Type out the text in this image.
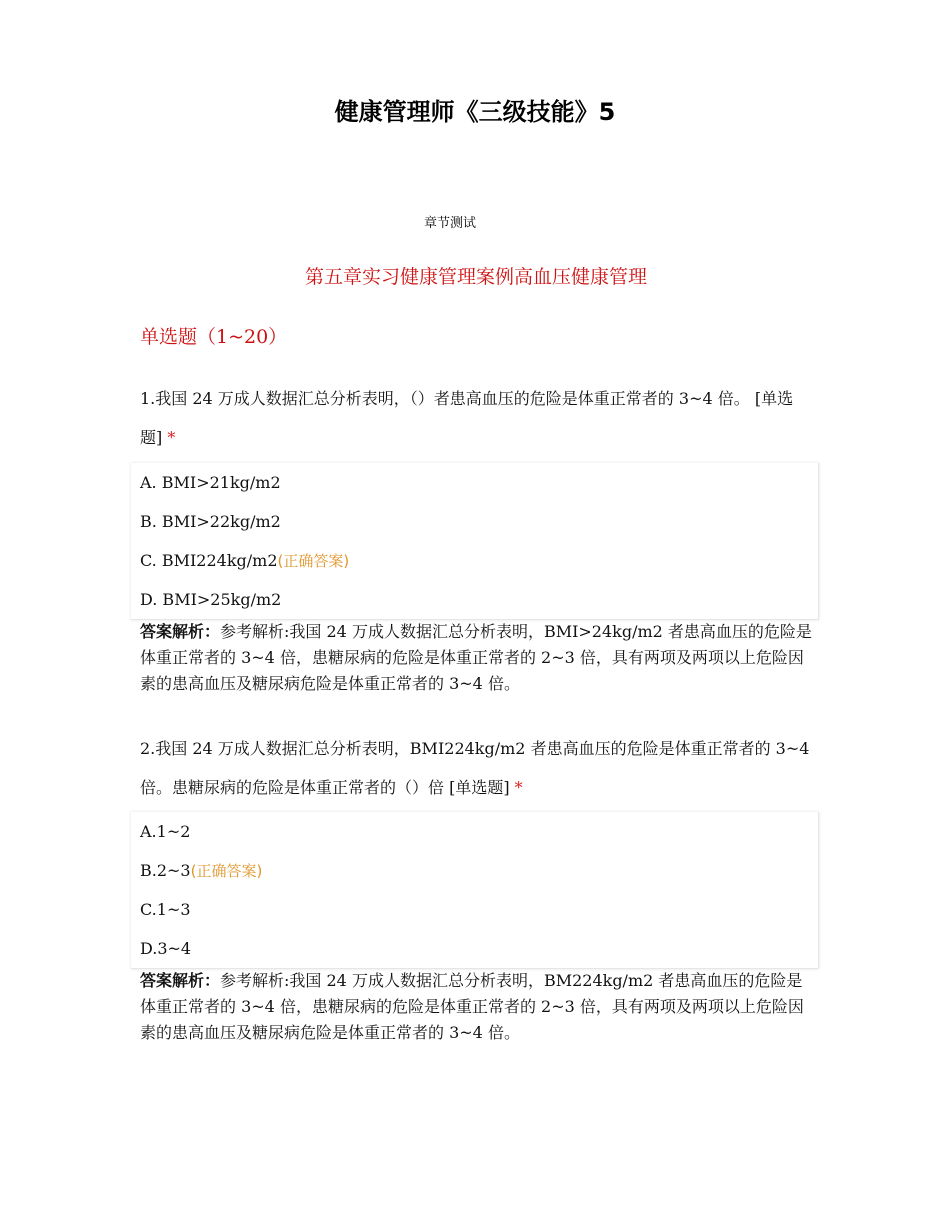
健康管理师《三级技能》5
章节测试
第五章实习健康管理案例高血压健康管理
单选题（1~20）
1.我国 24 万成人数据汇总分析表明，（）者患高血压的危险是体重正常者的 3~4 倍。 [单选题] *
A. BMI>21kg/m2
B. BMI>22kg/m2
C. BMI224kg/m2(正确答案)
D. BMI>25kg/m2
答案解析：参考解析:我国 24 万成人数据汇总分析表明，BMI>24kg/m2 者患高血压的危险是体重正常者的 3~4 倍，患糖尿病的危险是体重正常者的 2~3 倍，具有两项及两项以上危险因素的患高血压及糖尿病危险是体重正常者的 3~4 倍。
2.我国 24 万成人数据汇总分析表明，BMI224kg/m2 者患高血压的危险是体重正常者的 3~4 倍。患糖尿病的危险是体重正常者的（）倍 [单选题] *
A.1~2
B.2~3(正确答案)
C.1~3
D.3~4
答案解析：参考解析:我国 24 万成人数据汇总分析表明，BM224kg/m2 者患高血压的危险是体重正常者的 3~4 倍，患糖尿病的危险是体重正常者的 2~3 倍，具有两项及两项以上危险因素的患高血压及糖尿病危险是体重正常者的 3~4 倍。
